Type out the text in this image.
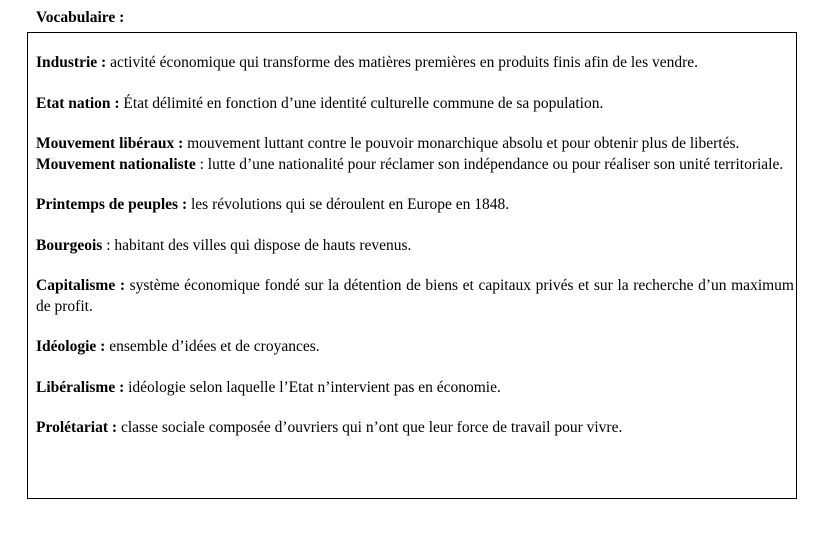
Vocabulaire :
Industrie : activité économique qui transforme des matières premières en produits finis afin de les vendre.
Etat nation : État délimité en fonction d’une identité culturelle commune de sa population.
Mouvement libéraux : mouvement luttant contre le pouvoir monarchique absolu et pour obtenir plus de libertés.
Mouvement nationaliste : lutte d’une nationalité pour réclamer son indépendance ou pour réaliser son unité territoriale.
Printemps de peuples : les révolutions qui se déroulent en Europe en 1848.
Bourgeois : habitant des villes qui dispose de hauts revenus.
Capitalisme : système économique fondé sur la détention de biens et capitaux privés et sur la recherche d’un maximum de profit.
Idéologie : ensemble d’idées et de croyances.
Libéralisme : idéologie selon laquelle l’Etat n’intervient pas en économie.
Prolétariat : classe sociale composée d’ouvriers qui n’ont que leur force de travail pour vivre.
